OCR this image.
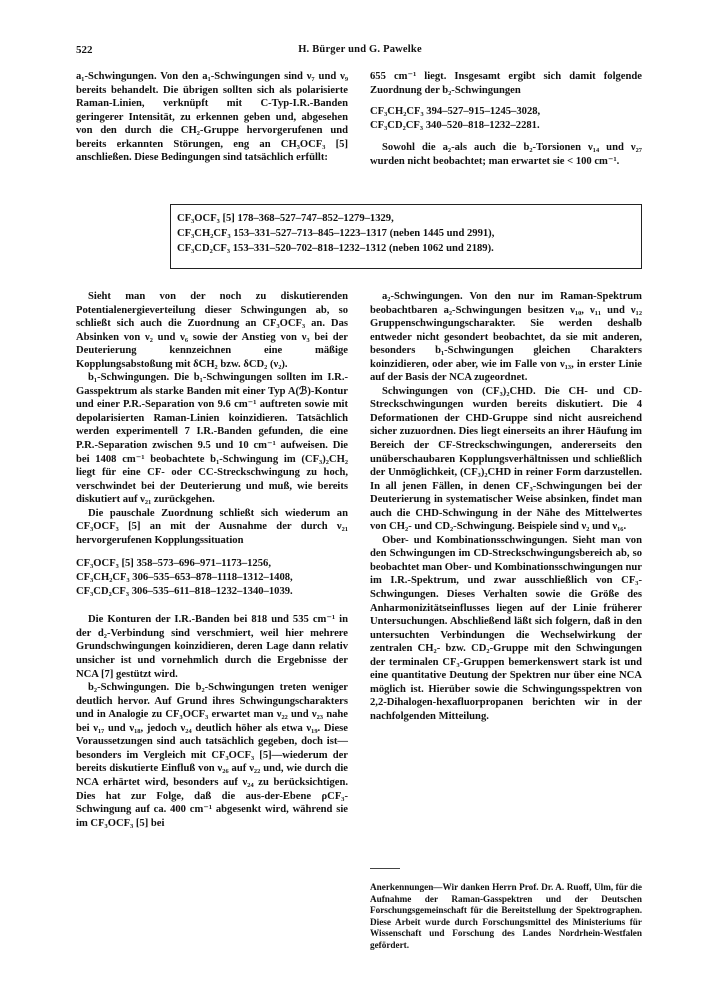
522	H. Bürger und G. Pawelke

a₁-Schwingungen. Von den a₁-Schwingungen sind ν₇ und ν₉ bereits behandelt. Die übrigen sollten sich als polarisierte Raman-Linien, verknüpft mit C-Typ-I.R.-Banden geringerer Intensität, zu erkennen geben und, abgesehen von den durch die CH₂-Gruppe hervorgerufenen und bereits erkannten Störungen, eng an CH₃OCF₃ [5] anschließen. Diese Bedingungen sind tatsächlich erfüllt:

655 cm⁻¹ liegt. Insgesamt ergibt sich damit folgende Zuordnung der b₂-Schwingungen

CF₃CH₂CF₃ 394–527–915–1245–3028,
CF₃CD₂CF₃ 340–520–818–1232–2281.

Sowohl die a₂-als auch die b₂-Torsionen ν₁₄ und ν₂₇ wurden nicht beobachtet; man erwartet sie < 100 cm⁻¹.

CF₃OCF₃ [5] 178–368–527–747–852–1279–1329,
CF₃CH₂CF₃ 153–331–527–713–845–1223–1317 (neben 1445 und 2991),
CF₃CD₂CF₃ 153–331–520–702–818–1232–1312 (neben 1062 und 2189).

Sieht man von der noch zu diskutierenden Potentialenergieverteilung dieser Schwingungen ab, so schließt sich auch die Zuordnung an CF₃OCF₃ an. Das Absinken von ν₂ und ν₆ sowie der Anstieg von ν₃ bei der Deuterierung kennzeichnen eine mäßige Kopplungsabstoßung mit δCH₂ bzw. δCD₂ (ν₂).

b₁-Schwingungen. Die b₁-Schwingungen sollten im I.R.-Gasspektrum als starke Banden mit einer Typ A(ℬ)-Kontur und einer P.R.-Separation von 9.6 cm⁻¹ auftreten sowie mit depolarisierten Raman-Linien koinzidieren. Tatsächlich werden experimentell 7 I.R.-Banden gefunden, die eine P.R.-Separation zwischen 9.5 und 10 cm⁻¹ aufweisen. Die bei 1408 cm⁻¹ beobachtete b₁-Schwingung im (CF₃)₂CH₂ liegt für eine CF- oder CC-Streckschwingung zu hoch, verschwindet bei der Deuterierung und muß, wie bereits diskutiert auf ν₂₁ zurückgehen.

Die pauschale Zuordnung schließt sich wiederum an CF₃OCF₃ [5] an mit der Ausnahme der durch ν₂₁ hervorgerufenen Kopplungssituation

CF₃OCF₃ [5] 358–573–696–971–1173–1256,
CF₃CH₂CF₃ 306–535–653–878–1118–1312–1408,
CF₃CD₂CF₃ 306–535–611–818–1232–1340–1039.

Die Konturen der I.R.-Banden bei 818 und 535 cm⁻¹ in der d₂-Verbindung sind verschmiert, weil hier mehrere Grundschwingungen koinzidieren, deren Lage dann relativ unsicher ist und vornehmlich durch die Ergebnisse der NCA [7] gestützt wird.

b₂-Schwingungen. Die b₂-Schwingungen treten weniger deutlich hervor. Auf Grund ihres Schwingungscharakters und in Analogie zu CF₃OCF₃ erwartet man ν₂₂ und ν₂₃ nahe bei ν₁₇ und ν₁₈, jedoch ν₂₄ deutlich höher als etwa ν₁₉. Diese Voraussetzungen sind auch tatsächlich gegeben, doch ist—besonders im Vergleich mit CF₃OCF₃ [5]—wiederum der bereits diskutierte Einfluß von ν₂₆ auf ν₂₂ und, wie durch die NCA erhärtet wird, besonders auf ν₂₄ zu berücksichtigen. Dies hat zur Folge, daß die aus-der-Ebene ρCF₃-Schwingung auf ca. 400 cm⁻¹ abgesenkt wird, während sie im CF₃OCF₃ [5] bei

a₂-Schwingungen. Von den nur im Raman-Spektrum beobachtbaren a₂-Schwingungen besitzen ν₁₀, ν₁₁ und ν₁₂ Gruppenschwingungscharakter. Sie werden deshalb entweder nicht gesondert beobachtet, da sie mit anderen, besonders b₁-Schwingungen gleichen Charakters koinzidieren, oder aber, wie im Falle von ν₁₃, in erster Linie auf der Basis der NCA zugeordnet.

Schwingungen von (CF₃)₂CHD. Die CH- und CD-Streckschwingungen wurden bereits diskutiert. Die 4 Deformationen der CHD-Gruppe sind nicht ausreichend sicher zuzuordnen. Dies liegt einerseits an ihrer Häufung im Bereich der CF-Streckschwingungen, andererseits den unüberschaubaren Kopplungsverhältnissen und schließlich der Unmöglichkeit, (CF₃)₂CHD in reiner Form darzustellen. In all jenen Fällen, in denen CF₃-Schwingungen bei der Deuterierung in systematischer Weise absinken, findet man auch die CHD-Schwingung in der Nähe des Mittelwertes von CH₂- und CD₂-Schwingung. Beispiele sind ν₂ und ν₁₆.

Ober- und Kombinationsschwingungen. Sieht man von den Schwingungen im CD-Streckschwingungsbereich ab, so beobachtet man Ober- und Kombinationsschwingungen nur im I.R.-Spektrum, und zwar ausschließlich von CF₃-Schwingungen. Dieses Verhalten sowie die Größe des Anharmonizitätseinflusses liegen auf der Linie früherer Untersuchungen. Abschließend läßt sich folgern, daß in den untersuchten Verbindungen die Wechselwirkung der zentralen CH₂- bzw. CD₂-Gruppe mit den Schwingungen der terminalen CF₃-Gruppen bemerkenswert stark ist und eine quantitative Deutung der Spektren nur über eine NCA möglich ist. Hierüber sowie die Schwingungsspektren von 2,2-Dihalogen-hexafluorpropanen berichten wir in der nachfolgenden Mitteilung.

Anerkennungen—Wir danken Herrn Prof. Dr. A. Ruoff, Ulm, für die Aufnahme der Raman-Gasspektren und der Deutschen Forschungsgemeinschaft für die Bereitstellung der Spektrographen. Diese Arbeit wurde durch Forschungsmittel des Ministeriums für Wissenschaft und Forschung des Landes Nordrhein-Westfalen gefördert.
